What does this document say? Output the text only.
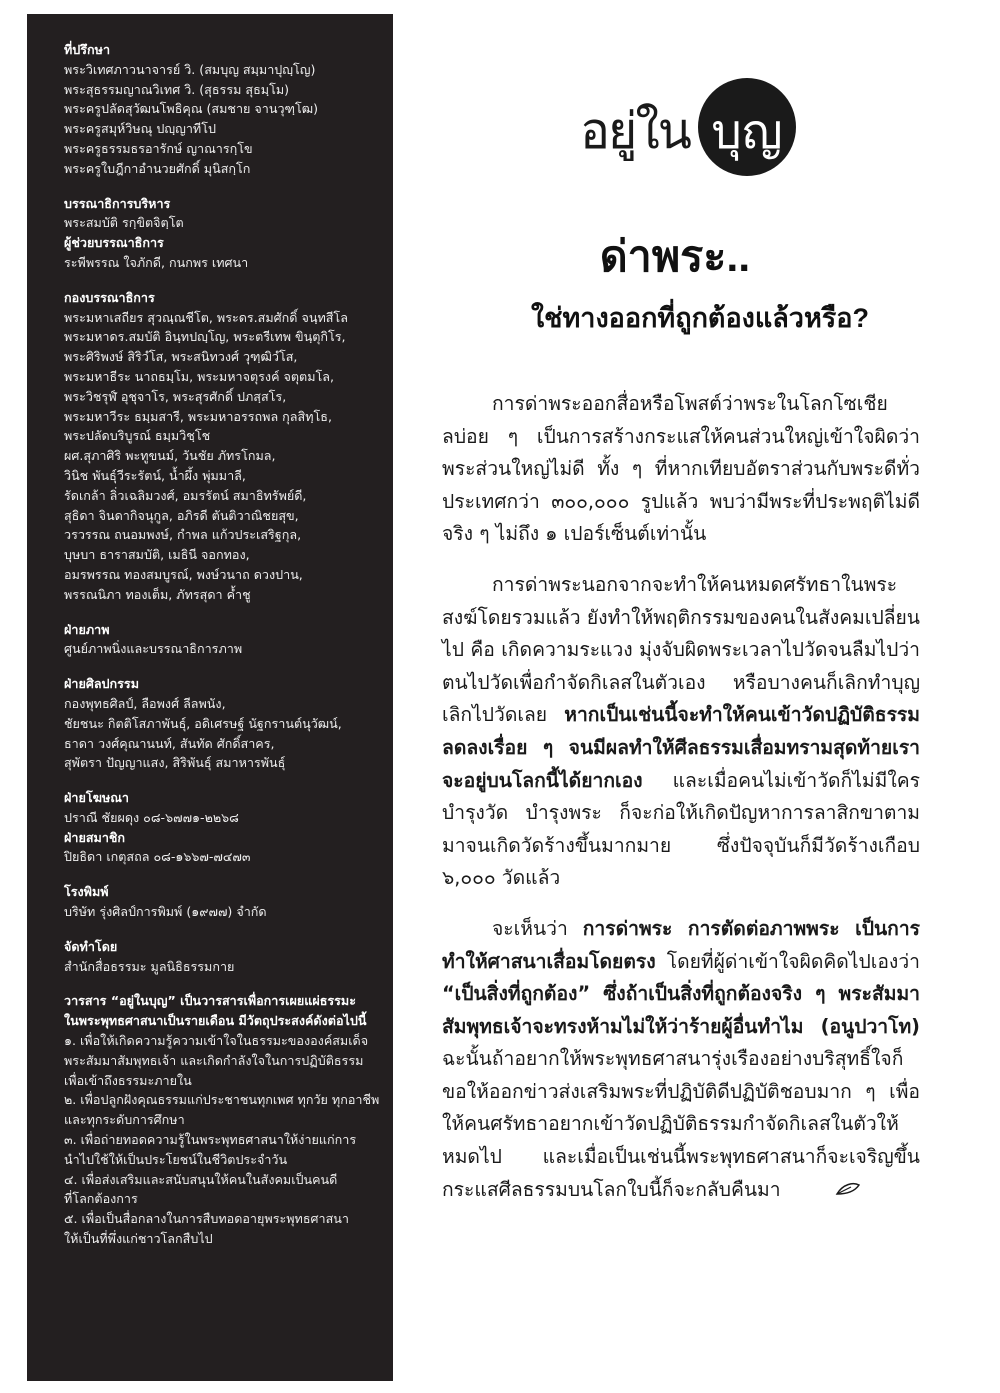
ที่ปรึกษา
พระวิเทศภาวนาจารย์ วิ. (สมบุญ สมฺมาปุญฺโญ)
พระสุธรรมญาณวิเทศ วิ. (สุธรรม สุธมฺโม)
พระครูปลัดสุวัฒนโพธิคุณ (สมชาย จานวุฑฺโฒ)
พระครูสมุห์วิษณุ ปญฺญาทีโป
พระครูธรรมธรอารักษ์ ญาณารกฺโข
พระครูใบฎีกาอำนวยศักดิ์ มุนิสกฺโก
บรรณาธิการบริหาร
พระสมบัติ รกฺขิตจิตฺโต
ผู้ช่วยบรรณาธิการ
ระพีพรรณ ใจภักดี, กนกพร เทศนา
กองบรรณาธิการ
พระมหาเสถียร สุวณฺณชีโต, พระดร.สมศักดิ์ จนฺทสีโล
พระมหาดร.สมบัติ อินฺทปญฺโญ, พระตรีเทพ ขินฺตุกิโร,
พระศิริพงษ์ สิริวํโส, พระสนิทวงศ์ วุฑฺฒิวํโส,
พระมหาธีระ นาถธมฺโม, พระมหาจตุรงค์ จตุตมโล,
พระวิชรุฬ์ อุชุจาโร, พระสุรศักดิ์ ปภสฺสโร,
พระมหาวีระ ธมฺมสารี, พระมหาอรรถพล กุลสิทฺโธ,
พระปลัดบริบูรณ์ ธมฺมวิชฺโช
ผศ.สุภาศิริ พะทูขนม์, วันชัย ภัทรโกมล,
วินิช พันธุ์วีระรัตน์, น้ำผึ้ง พุ่มมาลี,
รัดเกล้า ลิ่วเฉลิมวงศ์, อมรรัตน์ สมาธิทรัพย์ดี,
สุธิดา จินดากิจนุกูล, อภิรดี ตันติวาณิชยสุข,
วรวรรณ ถนอมพงษ์, กำพล แก้วประเสริฐกุล,
บุษบา ธาราสมบัติ, เมธินี จอกทอง,
อมรพรรณ ทองสมบูรณ์, พงษ์วนาถ ดวงปาน,
พรรณนิภา ทองเต็ม, ภัทรสุดา ค้ำชู
ฝ่ายภาพ
ศูนย์ภาพนิ่งและบรรณาธิการภาพ
ฝ่ายศิลปกรรม
กองพุทธศิลป์, ลือพงศ์ ลีลพนัง,
ชัยชนะ กิตติโสภาพันธุ์, อดิเศรษฐ์ นัฐกรานต์นุวัฒน์,
ธาดา วงศ์คุณานนท์, สันทัด ศักดิ์สาคร,
สุพัตรา ปัญญาแสง, สิริพันธุ์ สมาหารพันธุ์
ฝ่ายโฆษณา
ปราณี ชัยผดุง ๐๘-๖๗๗๑-๒๒๖๘
ฝ่ายสมาชิก
ปิยธิดา เกตุสถล ๐๘-๑๖๖๗-๗๔๗๓
โรงพิมพ์
บริษัท รุ่งศิลป์การพิมพ์ (๑๙๗๗) จำกัด
จัดทำโดย
สำนักสื่อธรรมะ มูลนิธิธรรมกาย
วารสาร “อยู่ในบุญ” เป็นวารสารเพื่อการเผยแผ่ธรรมะ
ในพระพุทธศาสนาเป็นรายเดือน มีวัตถุประสงค์ดังต่อไปนี้
๑. เพื่อให้เกิดความรู้ความเข้าใจในธรรมะขององค์สมเด็จ
พระสัมมาสัมพุทธเจ้า และเกิดกำลังใจในการปฏิบัติธรรม
เพื่อเข้าถึงธรรมะภายใน
๒. เพื่อปลูกฝังคุณธรรมแก่ประชาชนทุกเพศ ทุกวัย ทุกอาชีพ
และทุกระดับการศึกษา
๓. เพื่อถ่ายทอดความรู้ในพระพุทธศาสนาให้ง่ายแก่การ
นำไปใช้ให้เป็นประโยชน์ในชีวิตประจำวัน
๔. เพื่อส่งเสริมและสนับสนุนให้คนในสังคมเป็นคนดี
ที่โลกต้องการ
๕. เพื่อเป็นสื่อกลางในการสืบทอดอายุพระพุทธศาสนา
ให้เป็นที่พึ่งแก่ชาวโลกสืบไป
อยู่ใน บุญ
ด่าพระ..
ใช่ทางออกที่ถูกต้องแล้วหรือ?

การด่าพระออกสื่อหรือโพสต์ว่าพระในโลกโซเชียลบ่อย ๆ เป็นการสร้างกระแสให้คนส่วนใหญ่เข้าใจผิดว่าพระส่วนใหญ่ไม่ดี ทั้ง ๆ ที่หากเทียบอัตราส่วนกับพระดีทั่วประเทศกว่า ๓๐๐,๐๐๐ รูปแล้ว พบว่ามีพระที่ประพฤติไม่ดีจริง ๆ ไม่ถึง ๑ เปอร์เซ็นต์เท่านั้น

การด่าพระนอกจากจะทำให้คนหมดศรัทธาในพระสงฆ์โดยรวมแล้ว ยังทำให้พฤติกรรมของคนในสังคมเปลี่ยนไป คือ เกิดความระแวง มุ่งจับผิดพระเวลาไปวัดจนลืมไปว่าตนไปวัดเพื่อกำจัดกิเลสในตัวเอง หรือบางคนก็เลิกทำบุญ เลิกไปวัดเลย หากเป็นเช่นนี้จะทำให้คนเข้าวัดปฏิบัติธรรมลดลงเรื่อย ๆ จนมีผลทำให้ศีลธรรมเสื่อมทรามสุดท้ายเราจะอยู่บนโลกนี้ได้ยากเอง และเมื่อคนไม่เข้าวัดก็ไม่มีใครบำรุงวัด บำรุงพระ ก็จะก่อให้เกิดปัญหาการลาสิกขาตามมาจนเกิดวัดร้างขึ้นมากมาย ซึ่งปัจจุบันก็มีวัดร้างเกือบ ๖,๐๐๐ วัดแล้ว

จะเห็นว่า การด่าพระ การตัดต่อภาพพระ เป็นการทำให้ศาสนาเสื่อมโดยตรง โดยที่ผู้ด่าเข้าใจผิดคิดไปเองว่า “เป็นสิ่งที่ถูกต้อง” ซึ่งถ้าเป็นสิ่งที่ถูกต้องจริง ๆ พระสัมมาสัมพุทธเจ้าจะทรงห้ามไม่ให้ว่าร้ายผู้อื่นทำไม (อนูปวาโท) ฉะนั้นถ้าอยากให้พระพุทธศาสนารุ่งเรืองอย่างบริสุทธิ์ใจก็ขอให้ออกข่าวส่งเสริมพระที่ปฏิบัติดีปฏิบัติชอบมาก ๆ เพื่อให้คนศรัทธาอยากเข้าวัดปฏิบัติธรรมกำจัดกิเลสในตัวให้หมดไป และเมื่อเป็นเช่นนี้พระพุทธศาสนาก็จะเจริญขึ้นกระแสศีลธรรมบนโลกใบนี้ก็จะกลับคืนมา
